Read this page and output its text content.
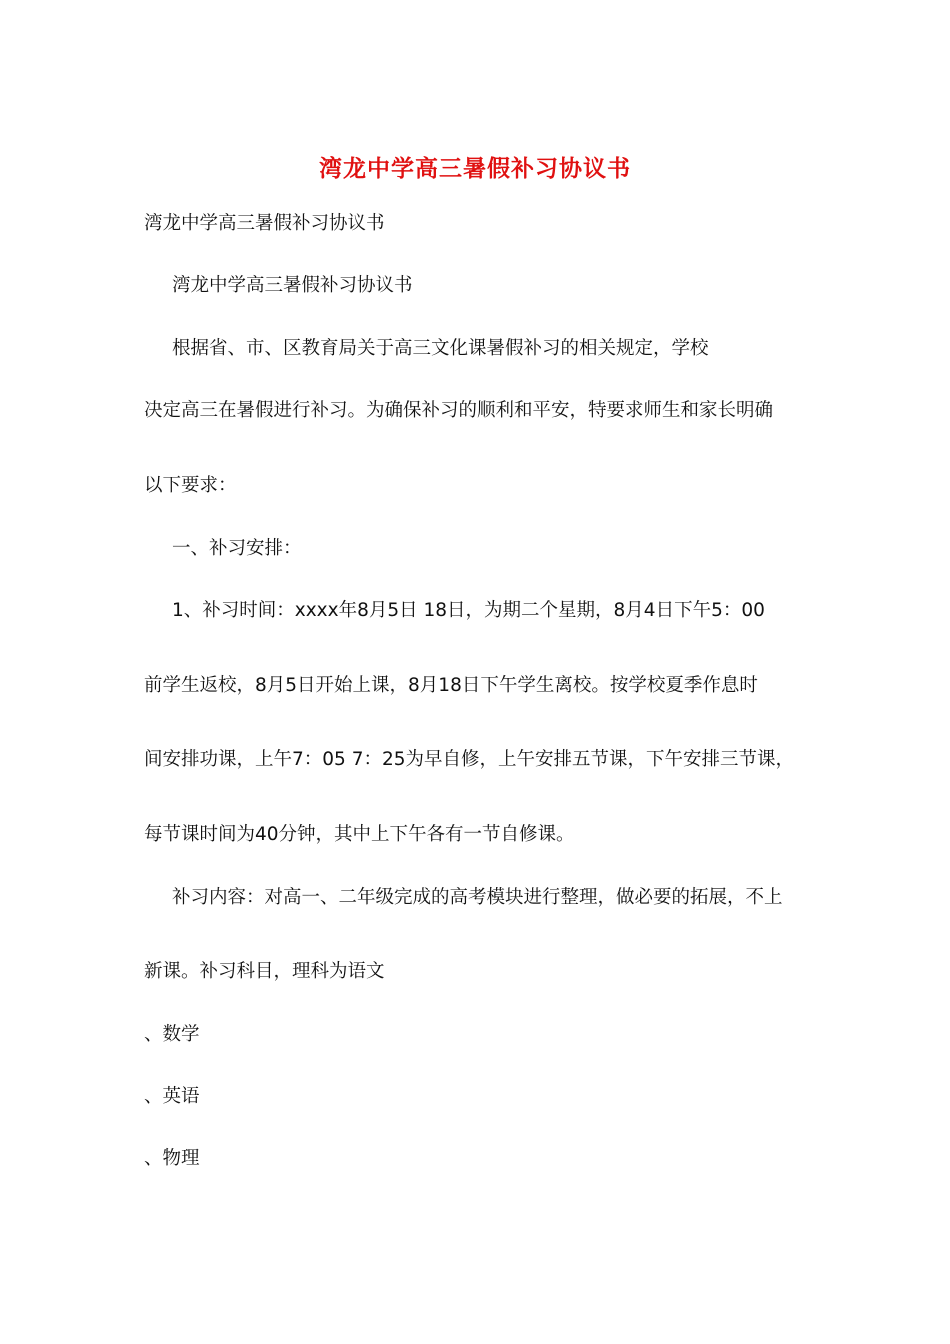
湾龙中学高三暑假补习协议书
湾龙中学高三暑假补习协议书
湾龙中学高三暑假补习协议书
根据省、市、区教育局关于高三文化课暑假补习的相关规定，学校
决定高三在暑假进行补习。为确保补习的顺利和平安，特要求师生和家长明确
以下要求：
一、补习安排：
1、补习时间：xxxx年8月5日 18日，为期二个星期，8月4日下午5：00
前学生返校，8月5日开始上课，8月18日下午学生离校。按学校夏季作息时
间安排功课，上午7：05 7：25为早自修，上午安排五节课，下午安排三节课，
每节课时间为40分钟，其中上下午各有一节自修课。
补习内容：对高一、二年级完成的高考模块进行整理，做必要的拓展，不上
新课。补习科目，理科为语文
、数学
、英语
、物理
